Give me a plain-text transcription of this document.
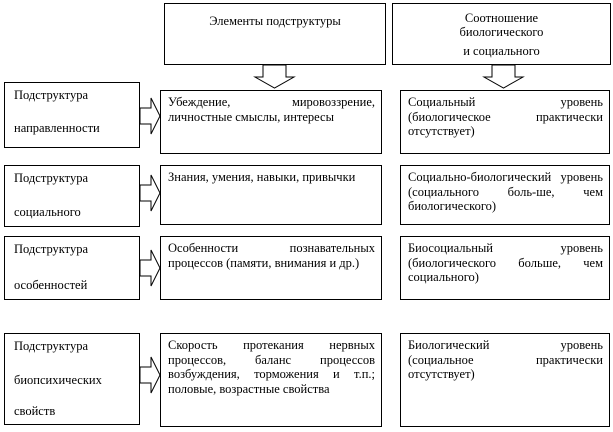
Элементы подструктуры	Соотношение
биологического
и социального
Подструктура
направленности
Убеждение, мировоззрение, личностные смыслы, интересы
Социальный уровень (биологическое практически отсутствует)
Подструктура
социального
Знания, умения, навыки, привычки	Социально-биологический уровень (социального боль-ше, чем биологического)
Подструктура
особенностей
Особенности познавательных процессов (памяти, внимания и др.)
Биосоциальный уровень (биологического больше, чем социального)
Подструктура
биопсихических
свойств
Скорость протекания нервных процессов, баланс процессов возбуждения, торможения и т.п.; половые, возрастные свойства
Биологический уровень (социальное практически отсутствует)
